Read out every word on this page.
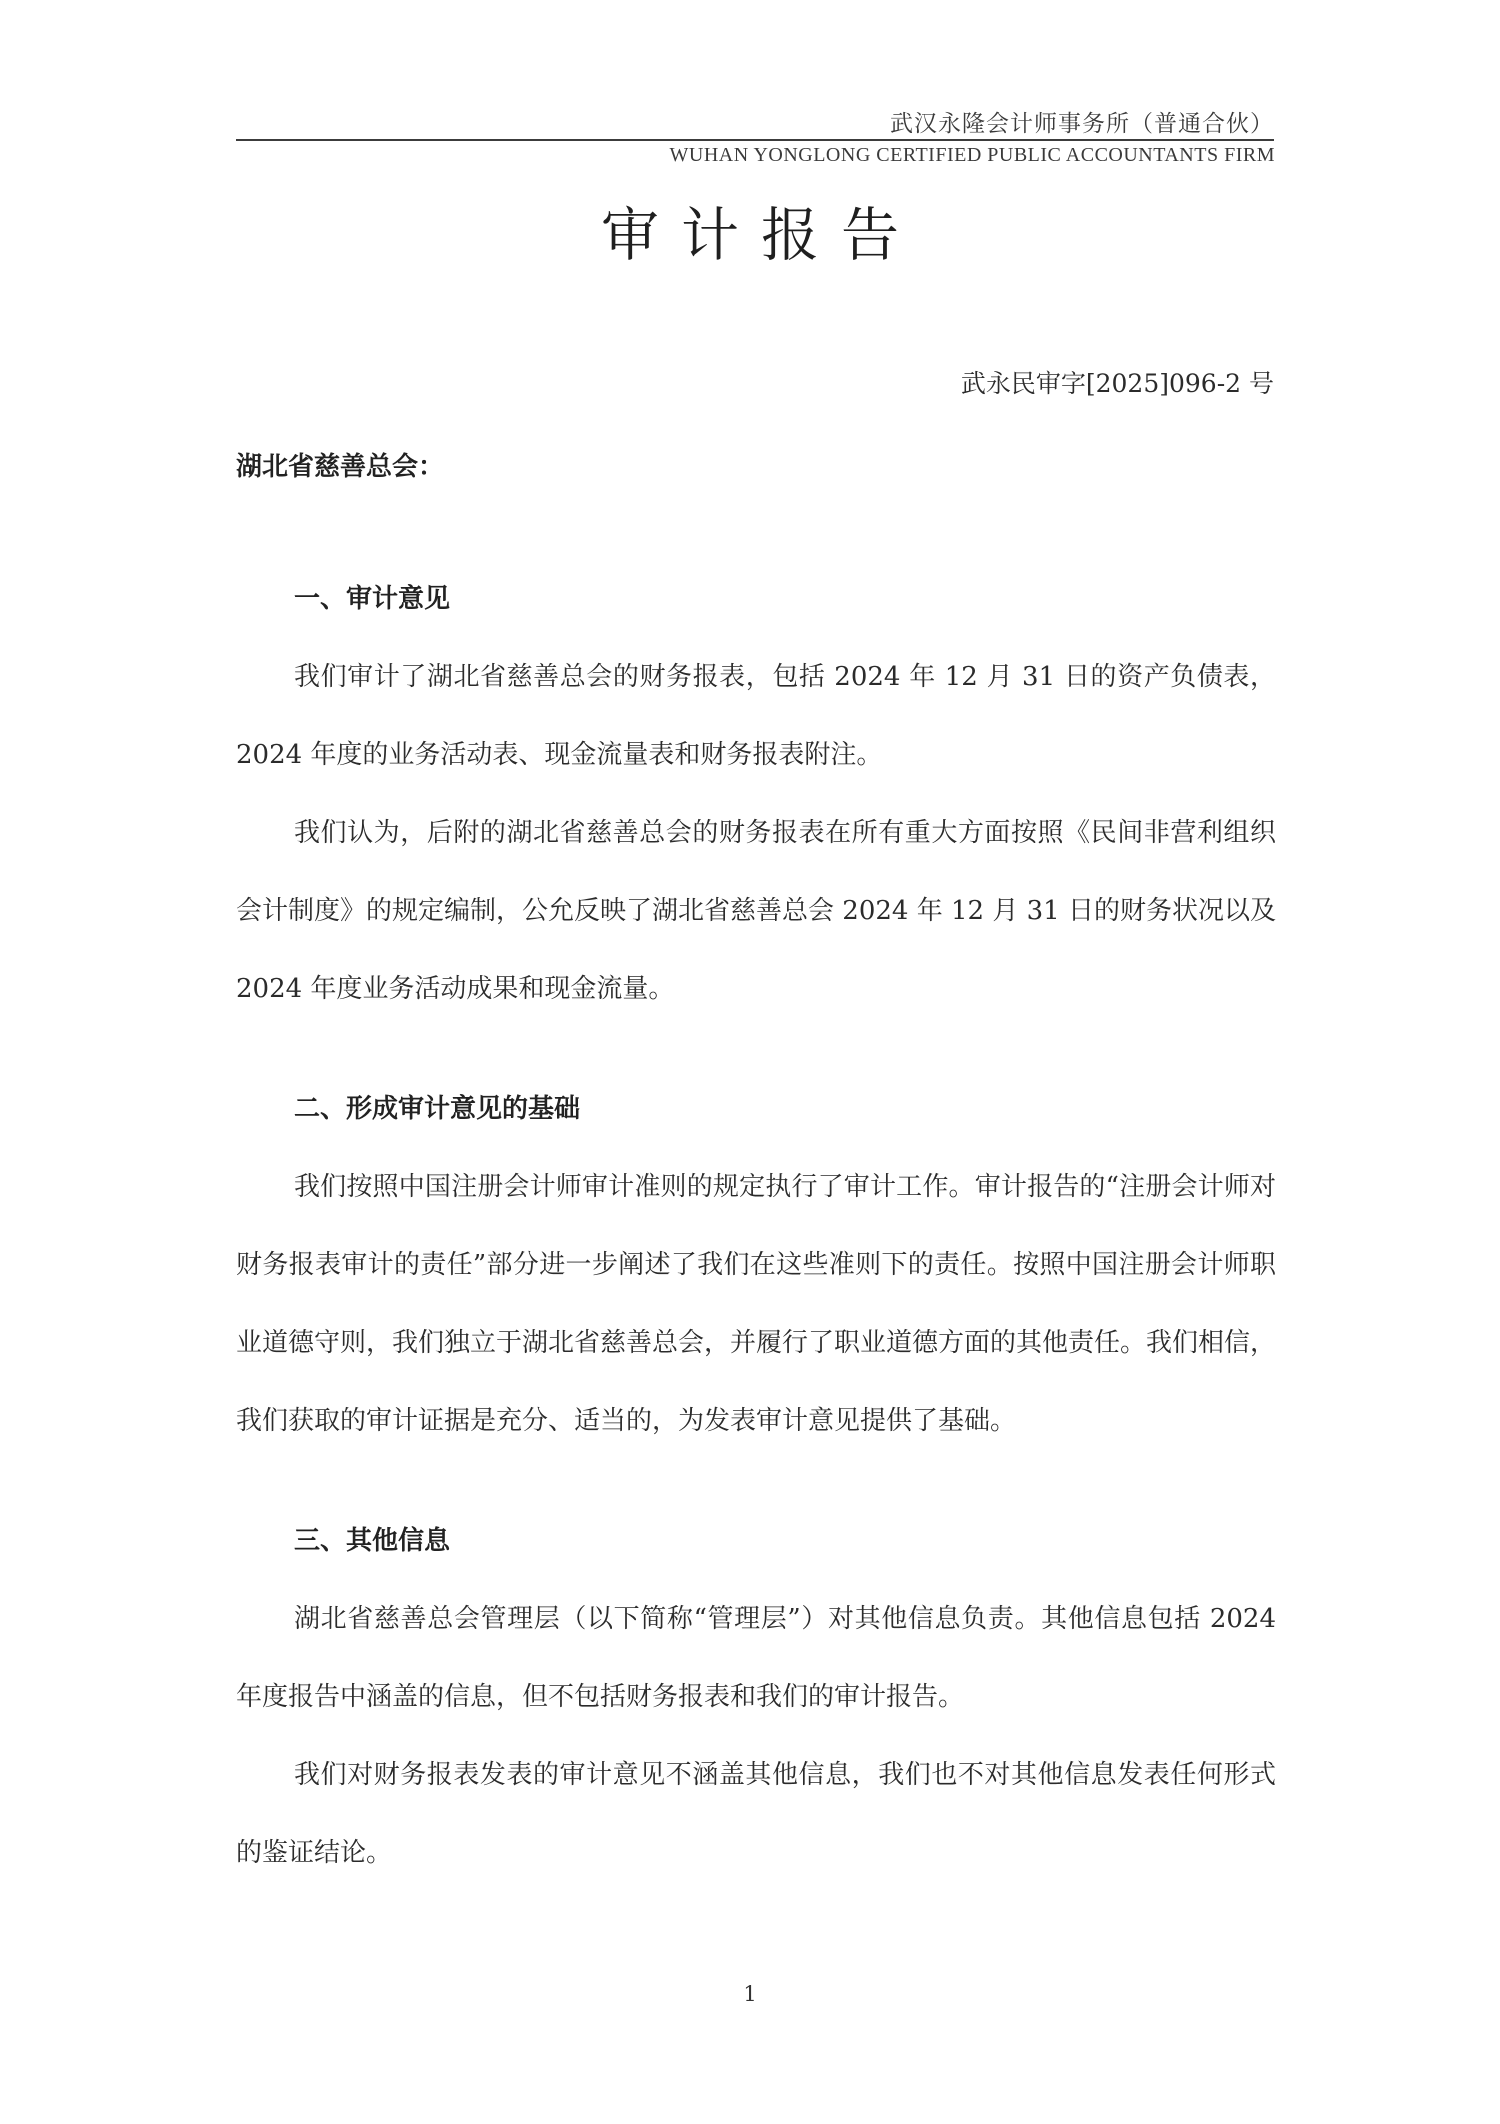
武汉永隆会计师事务所（普通合伙）
WUHAN YONGLONG CERTIFIED PUBLIC ACCOUNTANTS FIRM
审计报告
武永民审字[2025]096-2 号
湖北省慈善总会：
一、审计意见

我们审计了湖北省慈善总会的财务报表，包括 2024 年 12 月 31 日的资产负债表，2024 年度的业务活动表、现金流量表和财务报表附注。

我们认为，后附的湖北省慈善总会的财务报表在所有重大方面按照《民间非营利组织会计制度》的规定编制，公允反映了湖北省慈善总会 2024 年 12 月 31 日的财务状况以及 2024 年度业务活动成果和现金流量。

二、形成审计意见的基础

我们按照中国注册会计师审计准则的规定执行了审计工作。审计报告的“注册会计师对财务报表审计的责任”部分进一步阐述了我们在这些准则下的责任。按照中国注册会计师职业道德守则，我们独立于湖北省慈善总会，并履行了职业道德方面的其他责任。我们相信，我们获取的审计证据是充分、适当的，为发表审计意见提供了基础。

三、其他信息

湖北省慈善总会管理层（以下简称“管理层”）对其他信息负责。其他信息包括 2024 年度报告中涵盖的信息，但不包括财务报表和我们的审计报告。

我们对财务报表发表的审计意见不涵盖其他信息，我们也不对其他信息发表任何形式的鉴证结论。

1
